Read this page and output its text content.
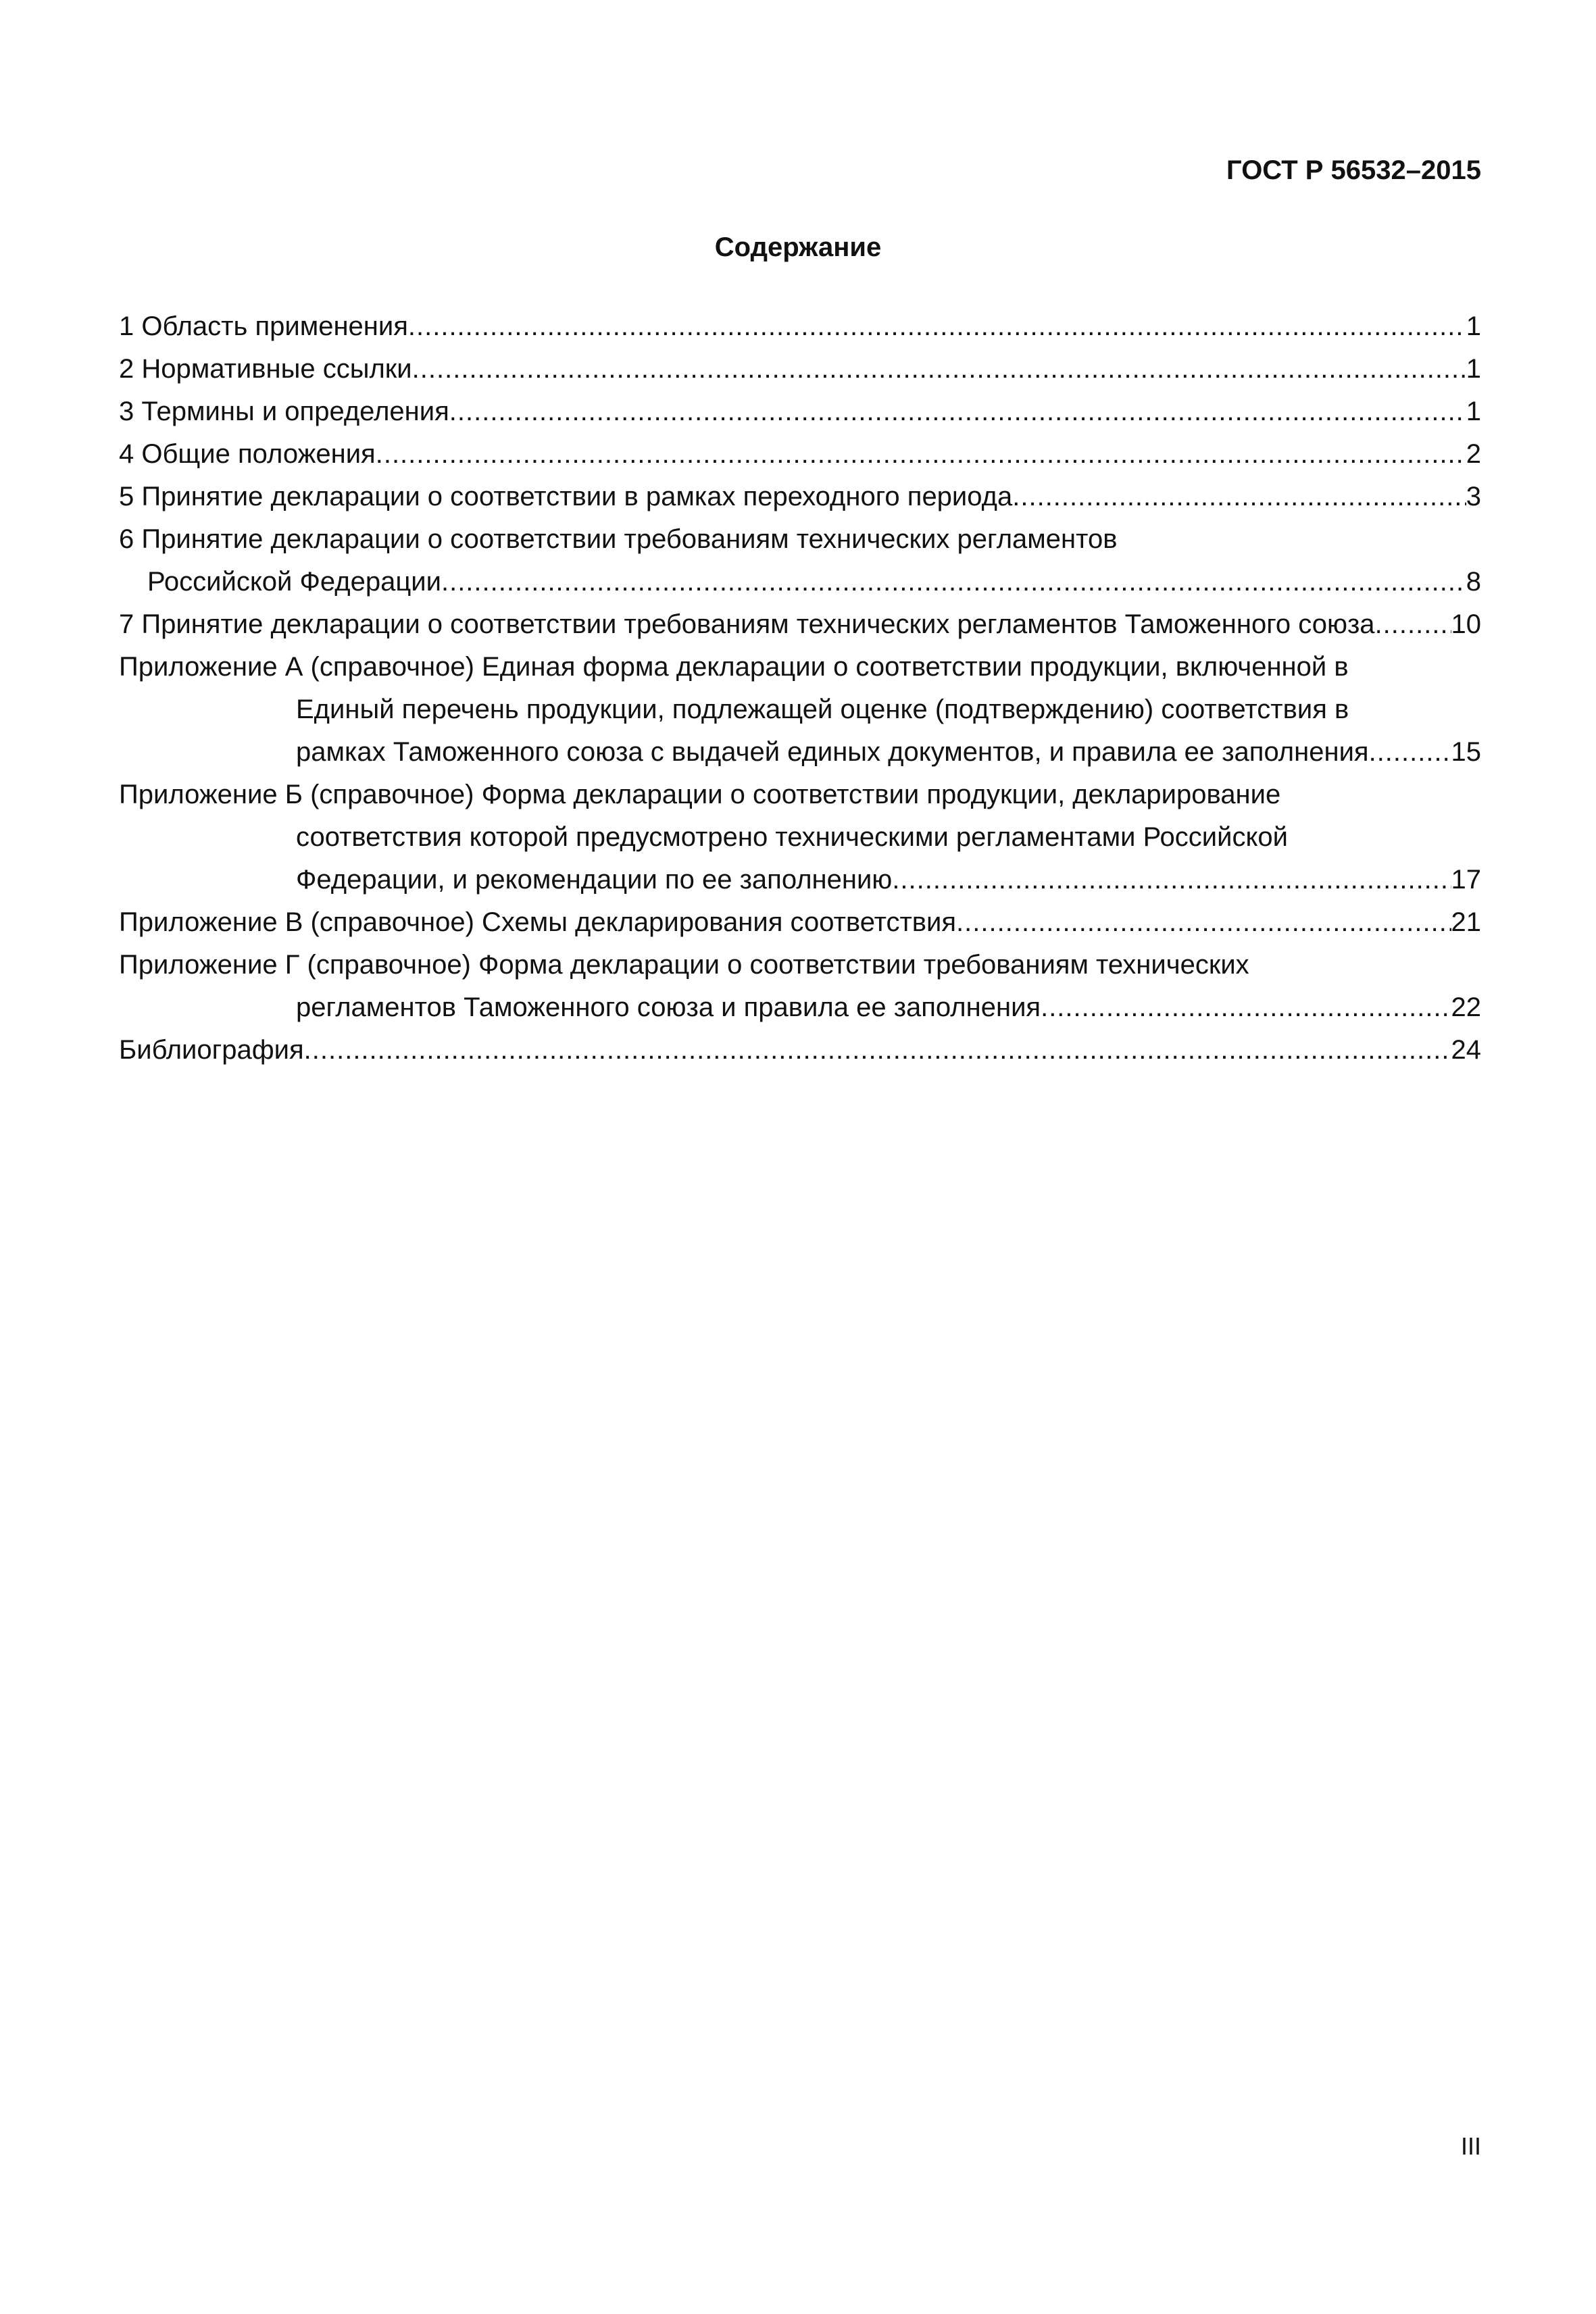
ГОСТ Р 56532–2015
Содержание
1 Область применения .....	1
2 Нормативные ссылки .....	1
3 Термины и определения .....	1
4 Общие положения .....	2
5 Принятие декларации о соответствии в рамках переходного периода .....	3
6 Принятие декларации о соответствии требованиям технических регламентов
Российской Федерации .....	8
7 Принятие декларации о соответствии требованиям технических регламентов Таможенного союза .....	10
Приложение А (справочное) Единая форма декларации о соответствии продукции, включенной в
Единый перечень продукции, подлежащей оценке (подтверждению) соответствия в
рамках Таможенного союза с выдачей единых документов, и правила ее заполнения .....	15
Приложение Б (справочное) Форма декларации о соответствии продукции, декларирование
соответствия которой предусмотрено техническими регламентами Российской
Федерации, и рекомендации по ее заполнению .....	17
Приложение В (справочное) Схемы декларирования соответствия .....	21
Приложение Г (справочное) Форма декларации о соответствии требованиям технических
регламентов Таможенного союза и правила ее заполнения .....	22
Библиография .....	24
III
